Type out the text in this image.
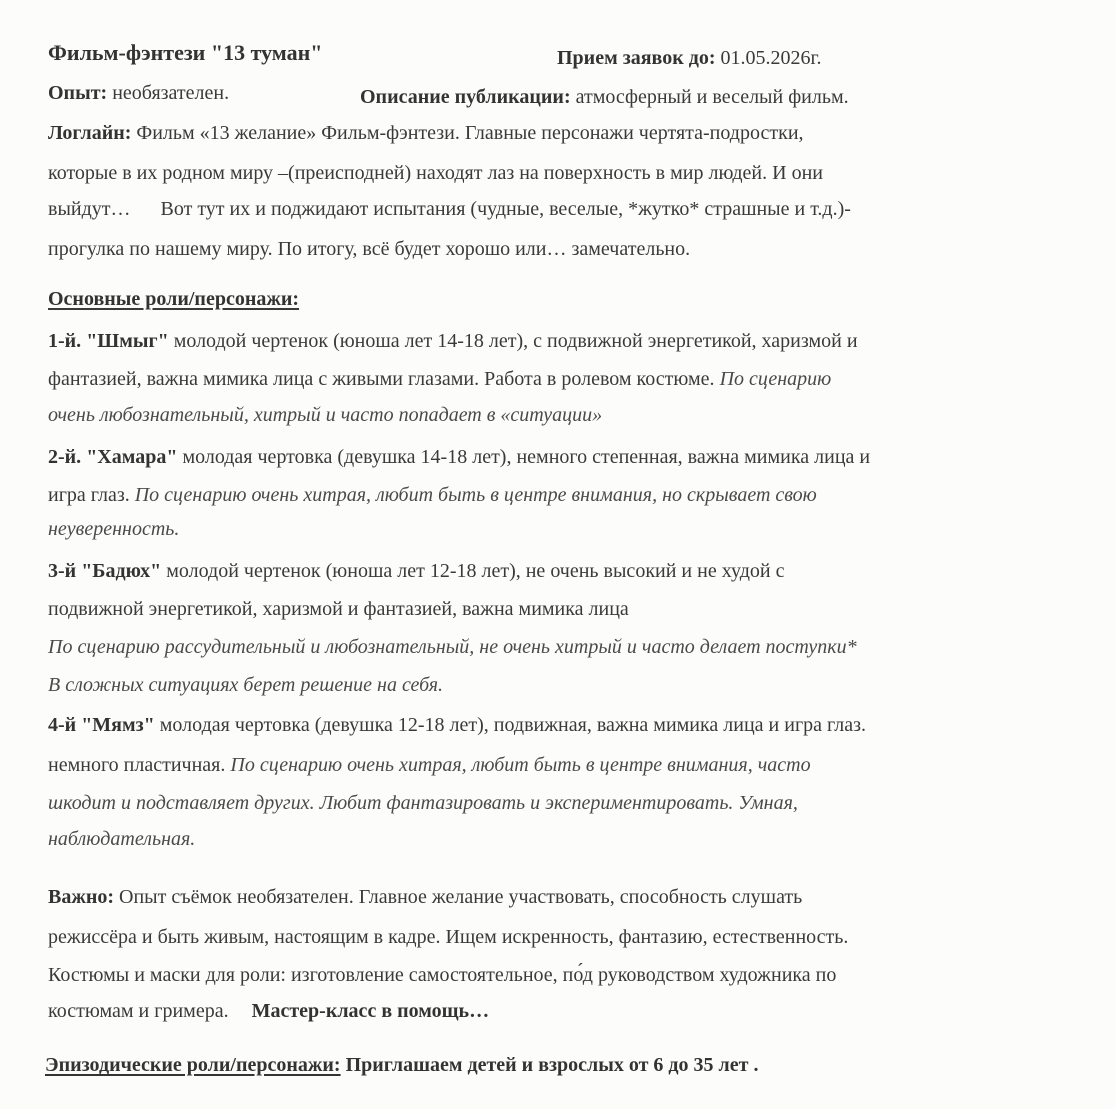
Фильм-фэнтези "13 туман"	Прием заявок до: 01.05.2026г.
Опыт: необязателен.	Описание публикации: атмосферный и веселый фильм.
Логлайн: Фильм «13 желание» Фильм-фэнтези. Главные персонажи чертята-подростки,
которые в их родном миру –(преисподней) находят лаз на поверхность в мир людей. И они
выйдут…      Вот тут их и поджидают испытания (чудные, веселые, *жутко* страшные и т.д.)-
прогулка по нашему миру. По итогу, всё будет хорошо или… замечательно.
Основные роли/персонажи:
1-й. "Шмыг" молодой чертенок (юноша лет 14-18 лет), с подвижной энергетикой, харизмой и
фантазией, важна мимика лица с живыми глазами. Работа в ролевом костюме. По сценарию
очень любознательный, хитрый и часто попадает в «ситуации»
2-й. "Хамара" молодая чертовка (девушка 14-18 лет), немного степенная, важна мимика лица и
игра глаз. По сценарию очень хитрая, любит быть в центре внимания, но скрывает свою
неуверенность.
3-й "Бадюх" молодой чертенок (юноша лет 12-18 лет), не очень высокий и не худой с
подвижной энергетикой, харизмой и фантазией, важна мимика лица
По сценарию рассудительный и любознательный, не очень хитрый и часто делает поступки*
В сложных ситуациях берет решение на себя.
4-й "Мямз" молодая чертовка (девушка 12-18 лет), подвижная, важна мимика лица и игра глаз.
немного пластичная. По сценарию очень хитрая, любит быть в центре внимания, часто
шкодит и подставляет других. Любит фантазировать и экспериментировать. Умная,
наблюдательная.
Важно: Опыт съёмок необязателен. Главное желание участвовать, способность слушать
режиссёра и быть живым, настоящим в кадре. Ищем искренность, фантазию, естественность.
Костюмы и маски для роли: изготовление самостоятельное, по́д руководством художника по
костюмам и гримера. Мастер-класс в помощь…
Эпизодические роли/персонажи: Приглашаем детей и взрослых от 6 до 35 лет .
